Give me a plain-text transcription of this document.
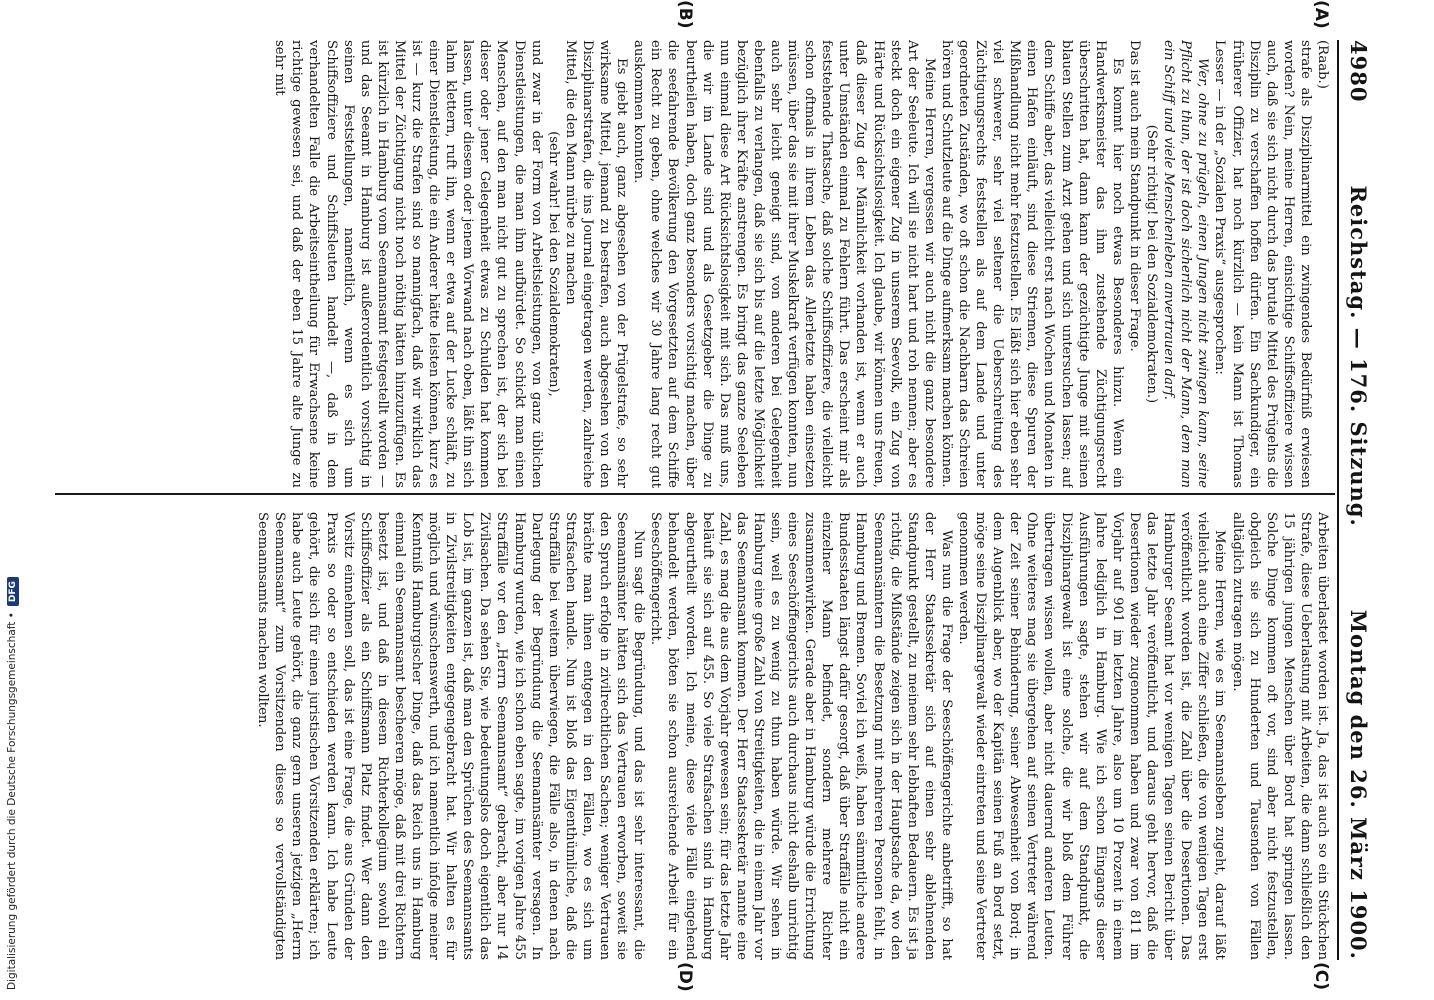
Digitalisierung gefördert durch die Deutsche Forschungsgemeinschaft •DFG
4980
Reichstag. — 176. Sitzung.
Montag den 26. März 1900.
(A)
(B)
(C)
(D)

(Raab.)

strafe als Disziplinarmittel ein zwingendes Bedürfniß erwiesen worden? Nein, meine Herren, einsichtige Schiffsoffiziere wissen auch, daß sie sich nicht durch das brutale Mittel des Prügelns die Disziplin zu verschaffen hoffen dürfen. Ein Sachkundiger, ein früherer Offizier, hat noch kürzlich — kein Mann ist Thomas Lesser — in der „Sozialen Praxis“ ausgesprochen:

Wer, ohne zu prügeln, einen Jungen nicht zwingen kann, seine Pflicht zu thun, der ist doch sicherlich nicht der Mann, dem man ein Schiff und viele Menschenleben anvertrauen darf.

(Sehr richtig! bei den Sozialdemokraten.)

Das ist auch mein Standpunkt in dieser Frage.

Es kommt hier noch etwas Besonderes hinzu. Wenn ein Handwerksmeister das ihm zustehende Züchtigungsrecht überschritten hat, dann kann der gezüchtigte Junge mit seinen blauen Stellen zum Arzt gehen und sich untersuchen lassen; auf dem Schiffe aber, das vielleicht erst nach Wochen und Monaten in einen Hafen einläuft, sind diese Striemen, diese Spuren der Mißhandlung nicht mehr festzustellen. Es läßt sich hier eben sehr viel schwerer, sehr viel seltener die Ueberschreitung des Züchtigungsrechts feststellen als auf dem Lande und unter geordneten Zuständen, wo oft schon die Nachbarn das Schreien hören und Schutzleute auf die Dinge aufmerksam machen können.

Meine Herren, vergessen wir auch nicht die ganz besondere Art der Seeleute. Ich will sie nicht hart und roh nennen; aber es steckt doch ein eigener Zug in unserem Seevolk, ein Zug von Härte und Rücksichtslosigkeit. Ich glaube, wir können uns freuen, daß dieser Zug der Männlichkeit vorhanden ist, wenn er auch unter Umständen einmal zu Fehlern führt. Das erscheint mir als feststehende Thatsache, daß solche Schiffsoffiziere, die vielleicht schon oftmals in ihrem Leben das Allerletzte haben einsetzen müssen, über das sie mit ihrer Muskelkraft verfügen konnten, nun auch sehr leicht geneigt sind, von anderen bei Gelegenheit ebenfalls zu verlangen, daß sie sich bis auf die letzte Möglichkeit bezüglich ihrer Kräfte anstrengen. Es bringt das ganze Seeleben nun einmal diese Art Rücksichtslosigkeit mit sich. Das muß uns, die wir im Lande sind und als Gesetzgeber die Dinge zu beurtheilen haben, doch ganz besonders vorsichtig machen, über die seefahrende Bevölkerung den Vorgesetzten auf dem Schiffe ein Recht zu geben, ohne welches wir 30 Jahre lang recht gut auskommen konnten.

Es giebt auch, ganz abgesehen von der Prügelstrafe, so sehr wirksame Mittel, jemand zu bestrafen, auch abgesehen von den Disziplinarstrafen, die ins Journal eingetragen werden, zahlreiche Mittel, die den Mann mürbe zu machen

(sehr wahr! bei den Sozialdemokraten),

und zwar in der Form von Arbeitsleistungen, von ganz üblichen Dienstleistungen, die man ihm aufbürdet. So schickt man einen Menschen, auf den man nicht gut zu sprechen ist, der sich bei dieser oder jener Gelegenheit etwas zu Schulden hat kommen lassen, unter diesem oder jenem Vorwand nach oben, läßt ihn sich lahm klettern, ruft ihn, wenn er etwa auf der Lucke schläft, zu einer Dienstleistung, die ein Anderer hätte leisten können, kurz es ist — kurz die Strafen sind so mannigfach, daß wir wirklich das Mittel der Züchtigung nicht noch nöthig hätten hinzuzufügen. Es ist kürzlich in Hamburg vom Seemannsamt festgestellt worden — und das Seeamt in Hamburg ist außerordentlich vorsichtig in seinen Feststellungen, namentlich, wenn es sich um Schiffsoffiziere und Schiffsleuten handelt —, daß in dem verhandelten Falle die Arbeitseintheilung für Erwachsene keine richtige gewesen sei, und daß der eben 15 Jahre alte Junge zu sehr mit

Arbeiten überlastet worden ist. Ja, das ist auch so ein Stückchen Strafe, diese Ueberlastung mit Arbeiten, die dann schließlich den 15 jährigen jungen Menschen über Bord hat springen lassen. Solche Dinge kommen oft vor, sind aber nicht festzustellen, obgleich sie sich zu Hunderten und Tausenden von Fällen alltäglich zutragen mögen.

Meine Herren, wie es im Seemannsleben zugeht, darauf läßt vielleicht auch eine Ziffer schließen, die von wenigen Tagen erst veröffentlicht worden ist, die Zahl über die Desertionen. Das Hamburger Seeamt hat vor wenigen Tagen seinen Bericht über das letzte Jahr veröffentlicht, und daraus geht hervor, daß die Desertionen wieder zugenommen haben und zwar von 811 im Vorjahr auf 901 im letzten Jahre, also um 10 Prozent in einem Jahre lediglich in Hamburg. Wie ich schon Eingangs dieser Ausführungen sagte, stehen wir auf dem Standpunkt, die Disziplinargewalt ist eine solche, die wir bloß dem Führer übertragen wissen wollen, aber nicht dauernd anderen Leuten. Ohne weiteres mag sie übergehen auf seinen Vertreter während der Zeit seiner Behinderung, seiner Abwesenheit von Bord; in dem Augenblick aber, wo der Kapitän seinen Fuß an Bord setzt, möge seine Disziplinargewalt wieder eintreten und seine Vertreter genommen werden.

Was nun die Frage der Seeschöffengerichte anbetrifft, so hat der Herr Staatssekretär sich auf einen sehr ablehnenden Standpunkt gestellt, zu meinem sehr lebhaften Bedauern. Es ist ja richtig, die Mißstände zeigen sich in der Hauptsache da, wo den Seemannsämtern die Besetzung mit mehreren Personen fehlt, in Hamburg und Bremen. Soviel ich weiß, haben sämmtliche andere Bundesstaaten längst dafür gesorgt, daß über Straffälle nicht ein einzelner Mann befindet, sondern mehrere Richter zusammenwirken. Gerade aber in Hamburg würde die Errichtung eines Seeschöffengerichts auch durchaus nicht deshalb unrichtig sein, weil es zu wenig zu thun haben würde. Wir sehen in Hamburg eine große Zahl von Streitigkeiten, die in einem Jahr vor das Seemannsamt kommen. Der Herr Staatssekretär nannte eine Zahl, es mag die aus dem Vorjahr gewesen sein; für das letzte Jahr beläuft sie sich auf 455. So viele Strafsachen sind in Hamburg abgeurtheilt worden. Ich meine, diese viele Fälle eingehend behandelt werden, böten sie schon ausreichende Arbeit für ein Seeschöffengericht.

Nun sagt die Begründung, und das ist sehr interessant, die Seemannsämter hätten sich das Vertrauen erworben, soweit sie den Spruch erfolge in zivilrechtlichen Sachen; weniger Vertrauen brächte man ihnen entgegen in den Fällen, wo es sich um Strafsachen handle. Nun ist bloß das Eigenthümliche, daß die Straffälle bei weitem überwiegen, die Fälle also, in denen nach Darlegung der Begründung die Seemannsämter versagen. In Hamburg wurden, wie ich schon eben sagte, im vorigen Jahre 455 Straffälle vor den „Herrn Seemannsamt“ gebracht, aber nur 14 Zivilsachen. Da sehen Sie, wie bedeutungslos doch eigentlich das Lob ist, im ganzen ist, daß man den Sprüchen des Seemannsamts in Zivilstreitigkeiten entgegengebracht hat. Wir halten es für möglich und wünschenswerth, und ich namentlich infolge meiner Kenntniß Hamburgischer Dinge, daß das Reich uns in Hamburg einmal ein Seemannsamt bescheeren möge, daß mit drei Richtern besetzt ist, und daß in diesem Richterkollegium sowohl ein Schiffsoffizier als ein Schiffsmann Platz findet. Wer dann den Vorsitz einnehmen soll, das ist eine Frage, die aus Gründen der Praxis so oder so entschieden werden kann. Ich habe Leute gehört, die sich für einen juristischen Vorsitzenden erklärten; ich habe auch Leute gehört, die ganz gern unseren jetzigen „Herrn Seemannsamt“ zum Vorsitzenden dieses so vervollständigten Seemannsamts machen wollten.
